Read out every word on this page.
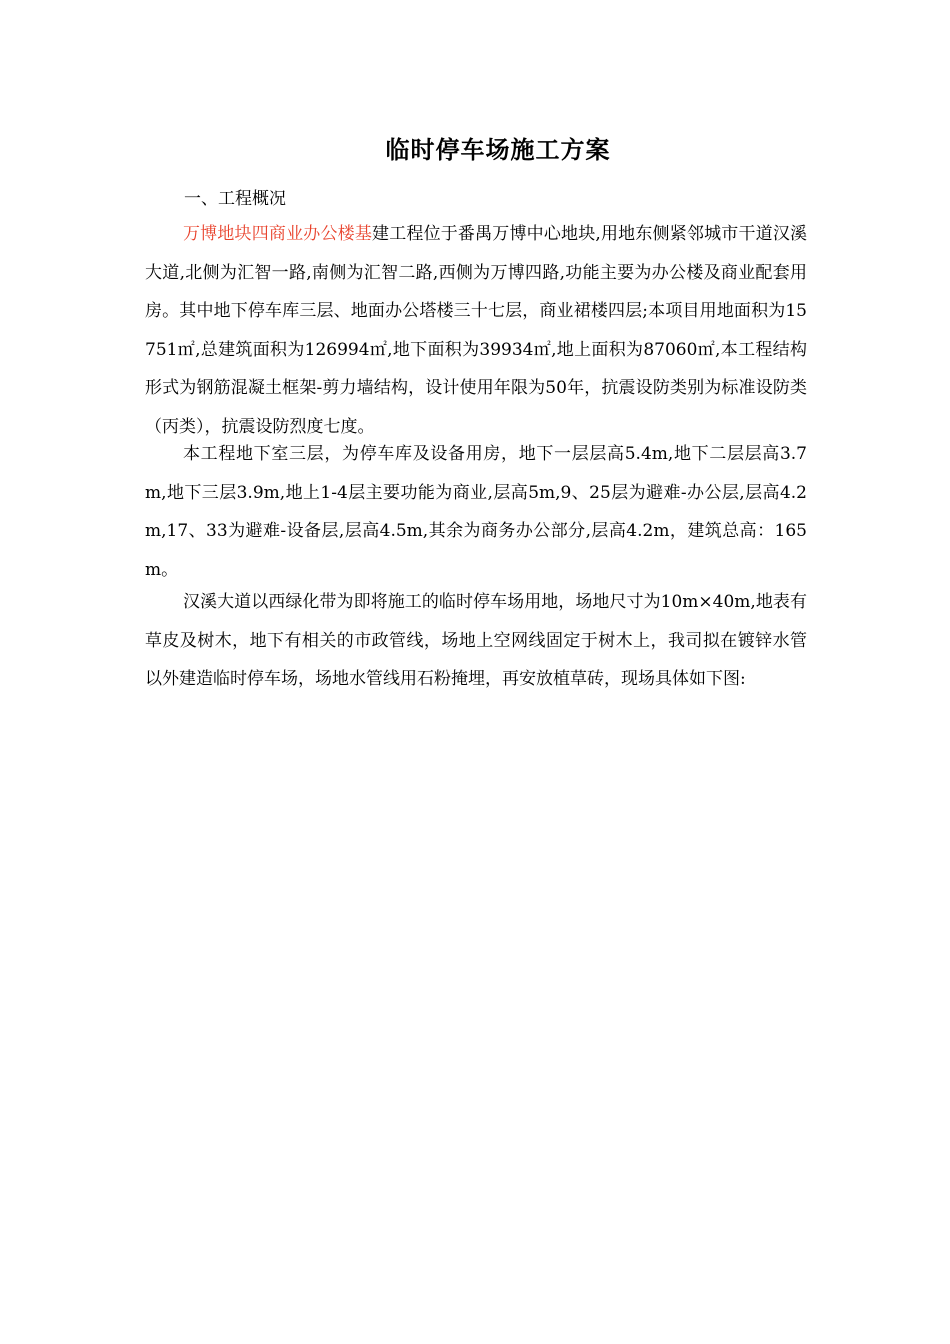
临时停车场施工方案

一、工程概况

万博地块四商业办公楼基建工程位于番禺万博中心地块,用地东侧紧邻城市干道汉溪大道,北侧为汇智一路,南侧为汇智二路,西侧为万博四路,功能主要为办公楼及商业配套用房。其中地下停车库三层、地面办公塔楼三十七层，商业裙楼四层;本项目用地面积为15751㎡,总建筑面积为126994㎡,地下面积为39934㎡,地上面积为87060㎡,本工程结构形式为钢筋混凝土框架-剪力墙结构，设计使用年限为50年，抗震设防类别为标准设防类（丙类），抗震设防烈度七度。

本工程地下室三层，为停车库及设备用房，地下一层层高5.4m,地下二层层高3.7m,地下三层3.9m,地上1-4层主要功能为商业,层高5m,9、25层为避难-办公层,层高4.2m,17、33为避难-设备层,层高4.5m,其余为商务办公部分,层高4.2m，建筑总高：165m。

汉溪大道以西绿化带为即将施工的临时停车场用地，场地尺寸为10m×40m,地表有草皮及树木，地下有相关的市政管线，场地上空网线固定于树木上，我司拟在镀锌水管以外建造临时停车场，场地水管线用石粉掩埋，再安放植草砖，现场具体如下图:
